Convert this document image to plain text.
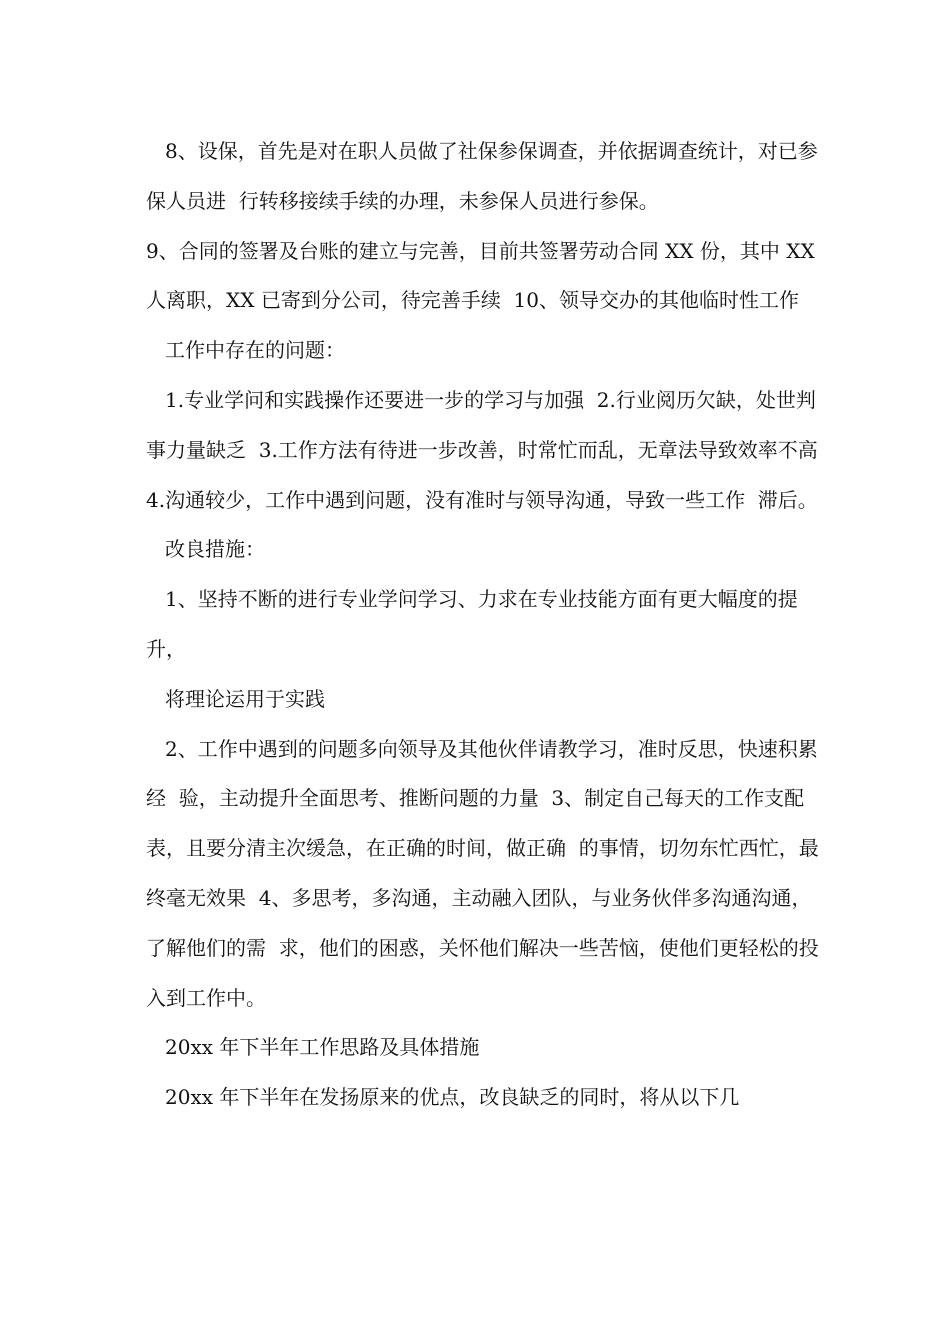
8、设保，首先是对在职人员做了社保参保调查，并依据调查统计，对已参保人员进  行转移接续手续的办理，未参保人员进行参保。

9、合同的签署及台账的建立与完善，目前共签署劳动合同 XX 份，其中 XX 人离职，XX 已寄到分公司，待完善手续  10、领导交办的其他临时性工作

工作中存在的问题：

1.专业学问和实践操作还要进一步的学习与加强  2.行业阅历欠缺，处世判事力量缺乏  3.工作方法有待进一步改善，时常忙而乱，无章法导致效率不高  4.沟通较少，工作中遇到问题，没有准时与领导沟通，导致一些工作  滞后。

改良措施：

1、坚持不断的进行专业学问学习、力求在专业技能方面有更大幅度的提升，

将理论运用于实践

2、工作中遇到的问题多向领导及其他伙伴请教学习，准时反思，快速积累经  验，主动提升全面思考、推断问题的力量  3、制定自己每天的工作支配表，且要分清主次缓急，在正确的时间，做正确  的事情，切勿东忙西忙，最终毫无效果  4、多思考，多沟通，主动融入团队，与业务伙伴多沟通沟通，了解他们的需  求，他们的困惑，关怀他们解决一些苦恼，使他们更轻松的投入到工作中。

20xx 年下半年工作思路及具体措施

20xx 年下半年在发扬原来的优点，改良缺乏的同时，将从以下几
